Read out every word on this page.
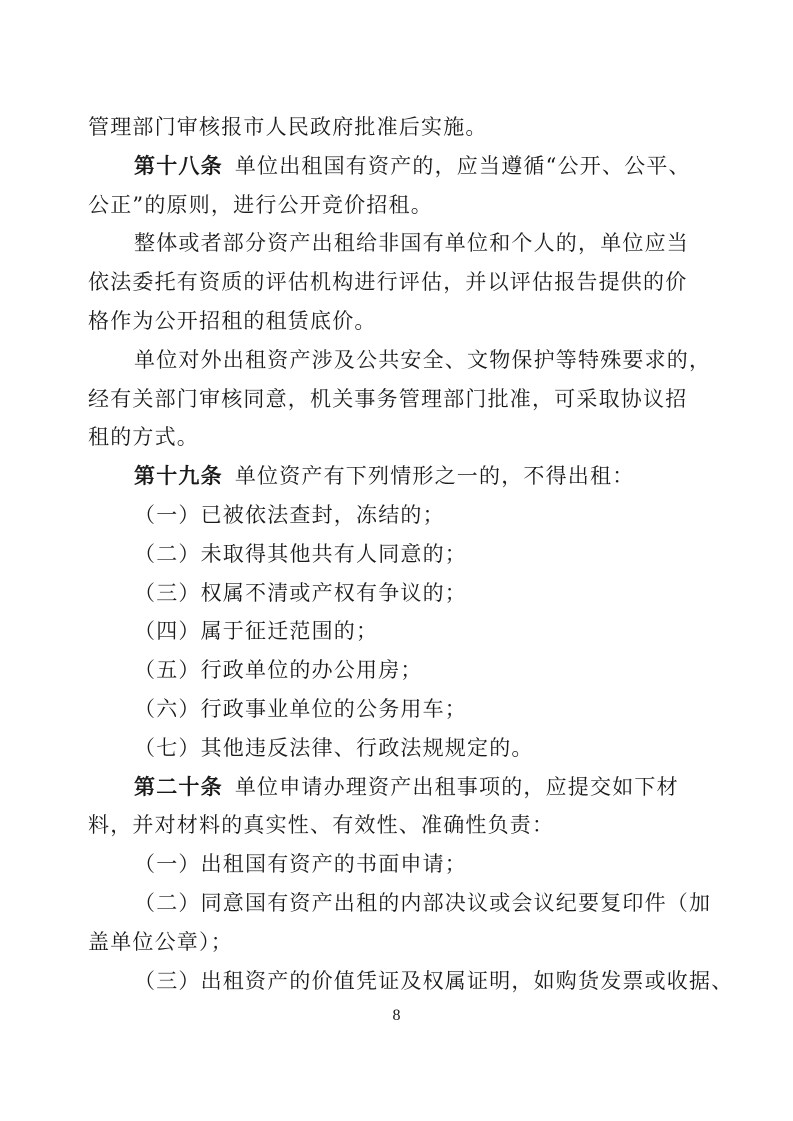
管理部门审核报市人民政府批准后实施。
第十八条 单位出租国有资产的，应当遵循“公开、公平、
公正”的原则，进行公开竞价招租。
整体或者部分资产出租给非国有单位和个人的，单位应当
依法委托有资质的评估机构进行评估，并以评估报告提供的价
格作为公开招租的租赁底价。
单位对外出租资产涉及公共安全、文物保护等特殊要求的，
经有关部门审核同意，机关事务管理部门批准，可采取协议招
租的方式。
第十九条 单位资产有下列情形之一的，不得出租：
（一）已被依法查封，冻结的；
（二）未取得其他共有人同意的；
（三）权属不清或产权有争议的；
（四）属于征迁范围的；
（五）行政单位的办公用房；
（六）行政事业单位的公务用车；
（七）其他违反法律、行政法规规定的。
第二十条 单位申请办理资产出租事项的，应提交如下材
料，并对材料的真实性、有效性、准确性负责：
（一）出租国有资产的书面申请；
（二）同意国有资产出租的内部决议或会议纪要复印件（加
盖单位公章）；
（三）出租资产的价值凭证及权属证明，如购货发票或收据、
8
